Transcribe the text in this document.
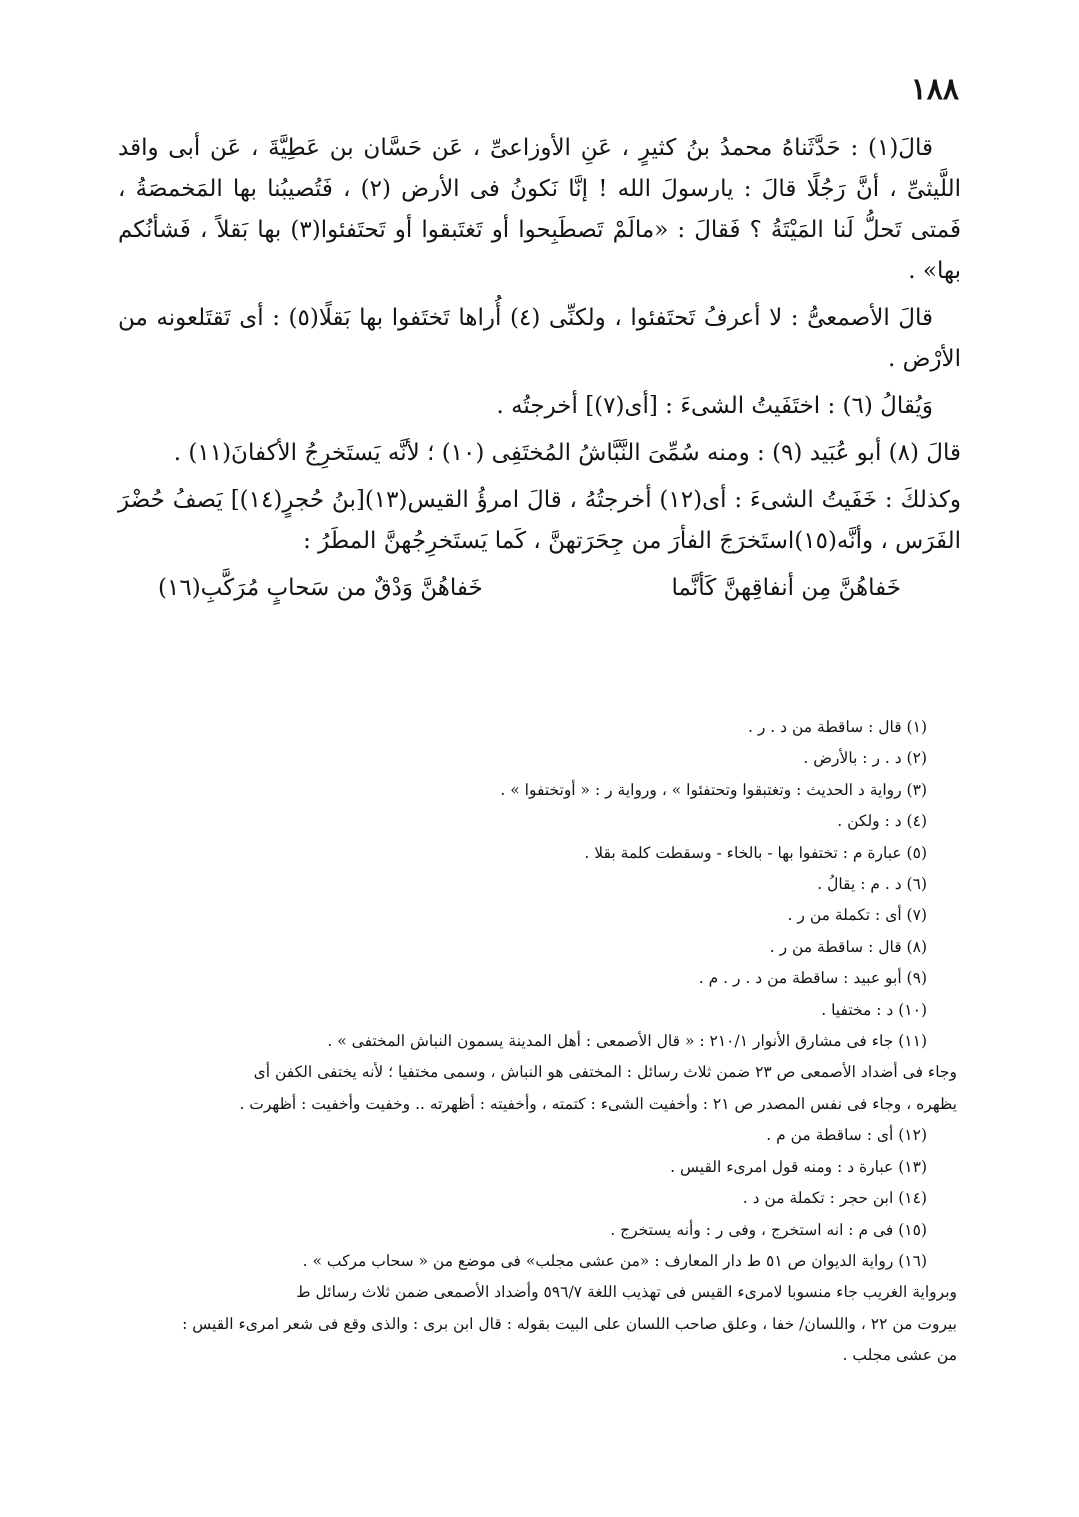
١٨٨

قالَ(١) : حَدَّثَناهُ محمدُ بنُ كثيرٍ ، عَنِ الأوزاعىِّ ، عَن حَسَّان بن عَطِيَّةَ ، عَن أبى واقد اللَّيثىِّ ، أنَّ رَجُلًا قالَ : يارسولَ الله ! إنَّا نَكونُ فى الأرض (٢) ، فَتُصيبُنا بها المَخمصَةُ ، فَمتى تَحلُّ لَنا المَيْتَةُ ؟ فَقالَ : «مالَمْ تَصطَبِحوا أو تَغتَبقوا أو تَحتَفئوا(٣) بها بَقلاً ، فَشأنُكم بها» .

قالَ الأصمعىُّ : لا أعرفُ تَحتَفئوا ، ولكنِّى (٤) أُراها تَختَفوا بها بَقلًا(٥) : أى تَقتَلعونه من الأرْض .

وَيُقالُ (٦) : اختَفَيتُ الشىءَ : [أى(٧)] أخرجتُه .

قالَ (٨) أبو عُبَيد (٩) : ومنه سُمِّىَ النَّبَّاشُ المُختَفِى (١٠) ؛ لأنَّه يَستَخرِجُ الأكفانَ(١١) .

وكذلكَ : خَفَيتُ الشىءَ : أى(١٢) أخرجتُهُ ، قالَ امرؤُ القيس(١٣)[بنُ حُجرٍ(١٤)] يَصفُ حُضْرَ الفَرَس ، وأنَّه(١٥)استَخرَجَ الفأرَ من جِحَرَتهنَّ ، كَما يَستَخرِجُهنَّ المطَرُ :

خَفاهُنَّ مِن أنفاقِهنَّ كَأنَّما
خَفاهُنَّ وَدْقٌ من سَحابٍ مُرَكَّبِ(١٦)

(١) قال : ساقطة من د . ر .

(٢) د . ر : بالأرض .

(٣) رواية د الحديث : وتغتبقوا وتحتفئوا » ، ورواية ر : « أوتختفوا » .

(٤) د : ولكن .

(٥) عبارة م : تختفوا بها - بالخاء - وسقطت كلمة بقلا .

(٦) د . م : يقالُ .

(٧) أى : تكملة من ر .

(٨) قال : ساقطة من ر .

(٩) أبو عبيد : ساقطة من د . ر . م .

(١٠) د : مختفيا .

(١١) جاء فى مشارق الأنوار ٢١٠/١ : « قال الأصمعى : أهل المدينة يسمون النباش المختفى » .

وجاء فى أضداد الأصمعى ص ٢٣ ضمن ثلاث رسائل : المختفى هو النباش ، وسمى مختفيا ؛ لأنه يختفى الكفن أى

يظهره ، وجاء فى نفس المصدر ص ٢١ : وأخفيت الشىء : كتمته ، وأخفيته : أظهرته .. وخفيت وأخفيت : أظهرت .

(١٢) أى : ساقطة من م .

(١٣) عبارة د : ومنه قول امرىء القيس .

(١٤) ابن حجر : تكملة من د .

(١٥) فى م : انه استخرج ، وفى ر : وأنه يستخرج .

(١٦) رواية الديوان ص ٥١ ط دار المعارف : «من عشى مجلب» فى موضع من « سحاب مركب » .

وبرواية الغريب جاء منسوبا لامرىء القيس فى تهذيب اللغة ٥٩٦/٧ وأضداد الأصمعى ضمن ثلاث رسائل ط

بيروت من ٢٢ ، واللسان/ خفا ، وعلق صاحب اللسان على البيت بقوله : قال ابن برى : والذى وقع فى شعر امرىء القيس :

من عشى مجلب .
